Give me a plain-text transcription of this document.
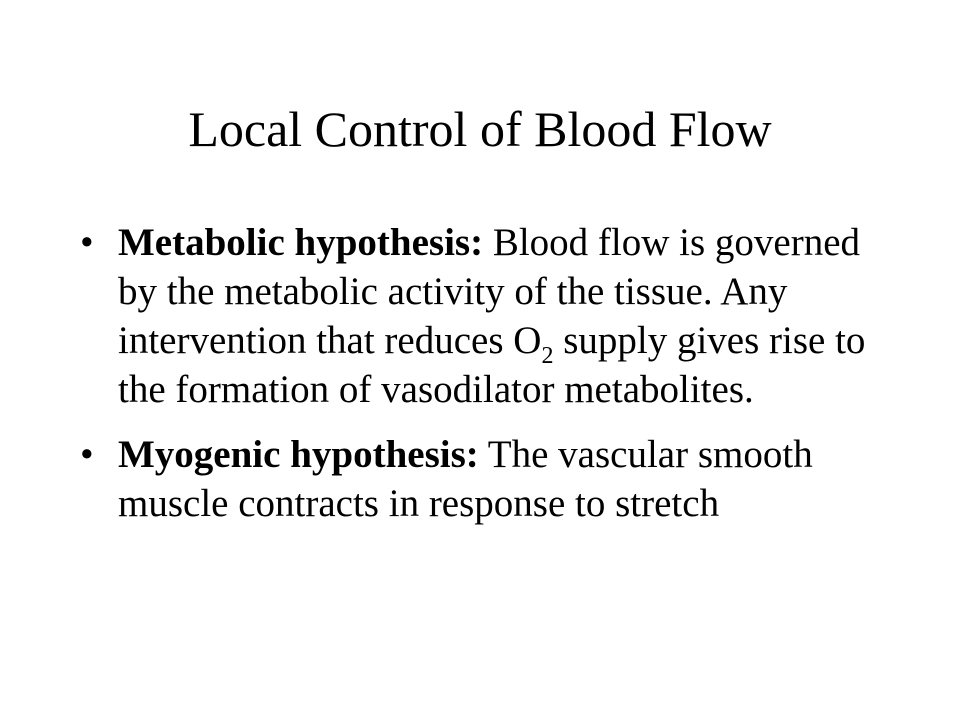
Local Control of Blood Flow
• Metabolic hypothesis: Blood flow is governed by the metabolic activity of the tissue. Any intervention that reduces $O_2$ supply gives rise to the formation of vasodilator metabolites.
• Myogenic hypothesis: The vascular smooth muscle contracts in response to stretch
